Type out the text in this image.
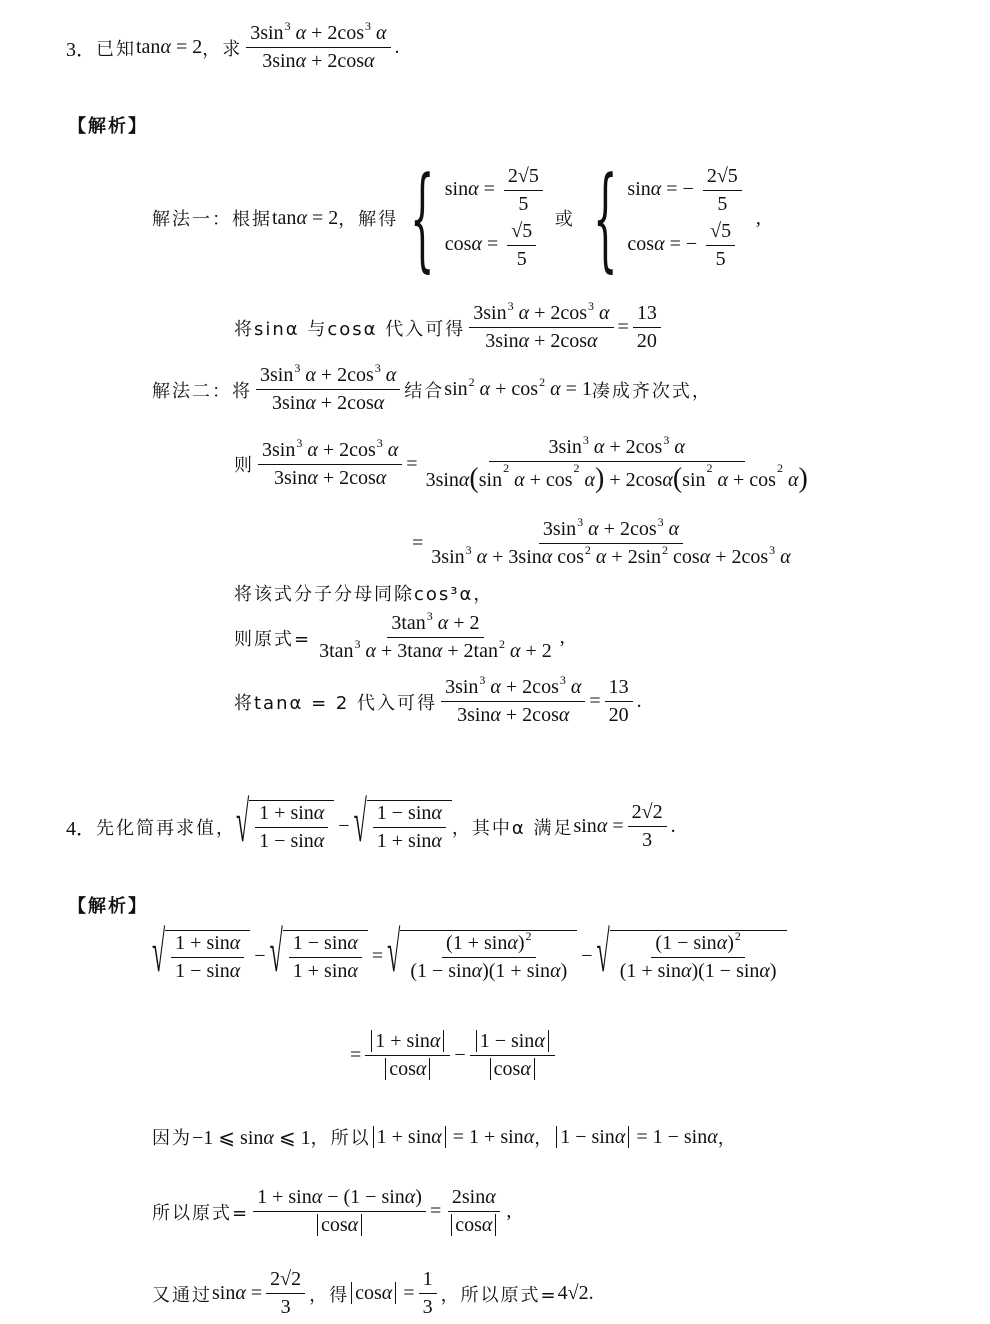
3． 已知 tanα = 2 ，求 $\frac{3\sin^3 \alpha + 2\cos^3 \alpha}{3\sin\alpha + 2\cos\alpha}$ .
【解析】
解法一：根据 tanα = 2 ，解得 { $\sin\alpha = \frac{2√5}{5}$
$\cos\alpha = \frac{√5}{5}$
或 { sinα = − $\frac{2√5}{5}$
cosα = − $\frac{√5}{5}$
,
将sinα 与cosα 代入可得 $\frac{3\sin^3 \alpha + 2\cos^3 \alpha}{3\sin\alpha + 2\cos\alpha} = \frac{13}{20}$
解法二：将 $\frac{3\sin^3 \alpha + 2\cos^3 \alpha}{3\sin\alpha + 2\cos\alpha}$ 结合 $\sin^2 \alpha + \cos^2 \alpha = 1$ 凑成齐次式，
则 $\frac{3\sin^3 \alpha + 2\cos^3 \alpha}{3\sin\alpha + 2\cos\alpha} = \frac{3\sin^3 \alpha + 2\cos^3 \alpha}{3\sin\alpha(\sin^2 \alpha + \cos^2 \alpha) + 2\cos\alpha(\sin^2 \alpha + \cos^2 \alpha)}$
= $\frac{3\sin^3 \alpha + 2\cos^3 \alpha}{3\sin^3 \alpha + 3\sin\alpha \cos^2 \alpha + 2\sin^2 \cos\alpha + 2\cos^3 \alpha}$
将该式分子分母同除cos³α，
则原式= $\frac{3\tan^3 \alpha + 2}{3\tan^3 \alpha + 3\tan\alpha + 2\tan^2 \alpha + 2}$ ,
将tanα = 2 代入可得 $\frac{3\sin^3 \alpha + 2\cos^3 \alpha}{3\sin\alpha + 2\cos\alpha} = \frac{13}{20}$ .
4． 先化简再求值， √ $\frac{1 + \sin\alpha}{1 - \sin\alpha}$ − √ $\frac{1 - \sin\alpha}{1 + \sin\alpha}$ ，其中α 满足 $\sin\alpha = \frac{2√2}{3}$ .
【解析】
√ $\frac{1 + \sin\alpha}{1 - \sin\alpha}$ − √ $\frac{1 - \sin\alpha}{1 + \sin\alpha}$ = √ $\frac{(1 + \sin\alpha)^2}{(1 - \sin\alpha)(1 + \sin\alpha)}$ − √ $\frac{(1 - \sin\alpha)^2}{(1 + \sin\alpha)(1 - \sin\alpha)}$
= $\frac{1 + \sin\alpha}{\cos\alpha} - \frac{1 - \sin\alpha}{\cos\alpha}$
因为 −1 ⩽ sinα ⩽ 1 ， 所以 1 + sinα = 1 + sinα ， 1 − sinα = 1 − sinα ，
所以原式= $\frac{1 + \sin\alpha - (1 - \sin\alpha)}{\cos\alpha} = \frac{2\sin\alpha}{\cos\alpha}$ ,
又通过 $\sin\alpha = \frac{2√2}{3}$ ，得 $\cos\alpha = \frac{1}{3}$ ，所以原式= 4√2 .
